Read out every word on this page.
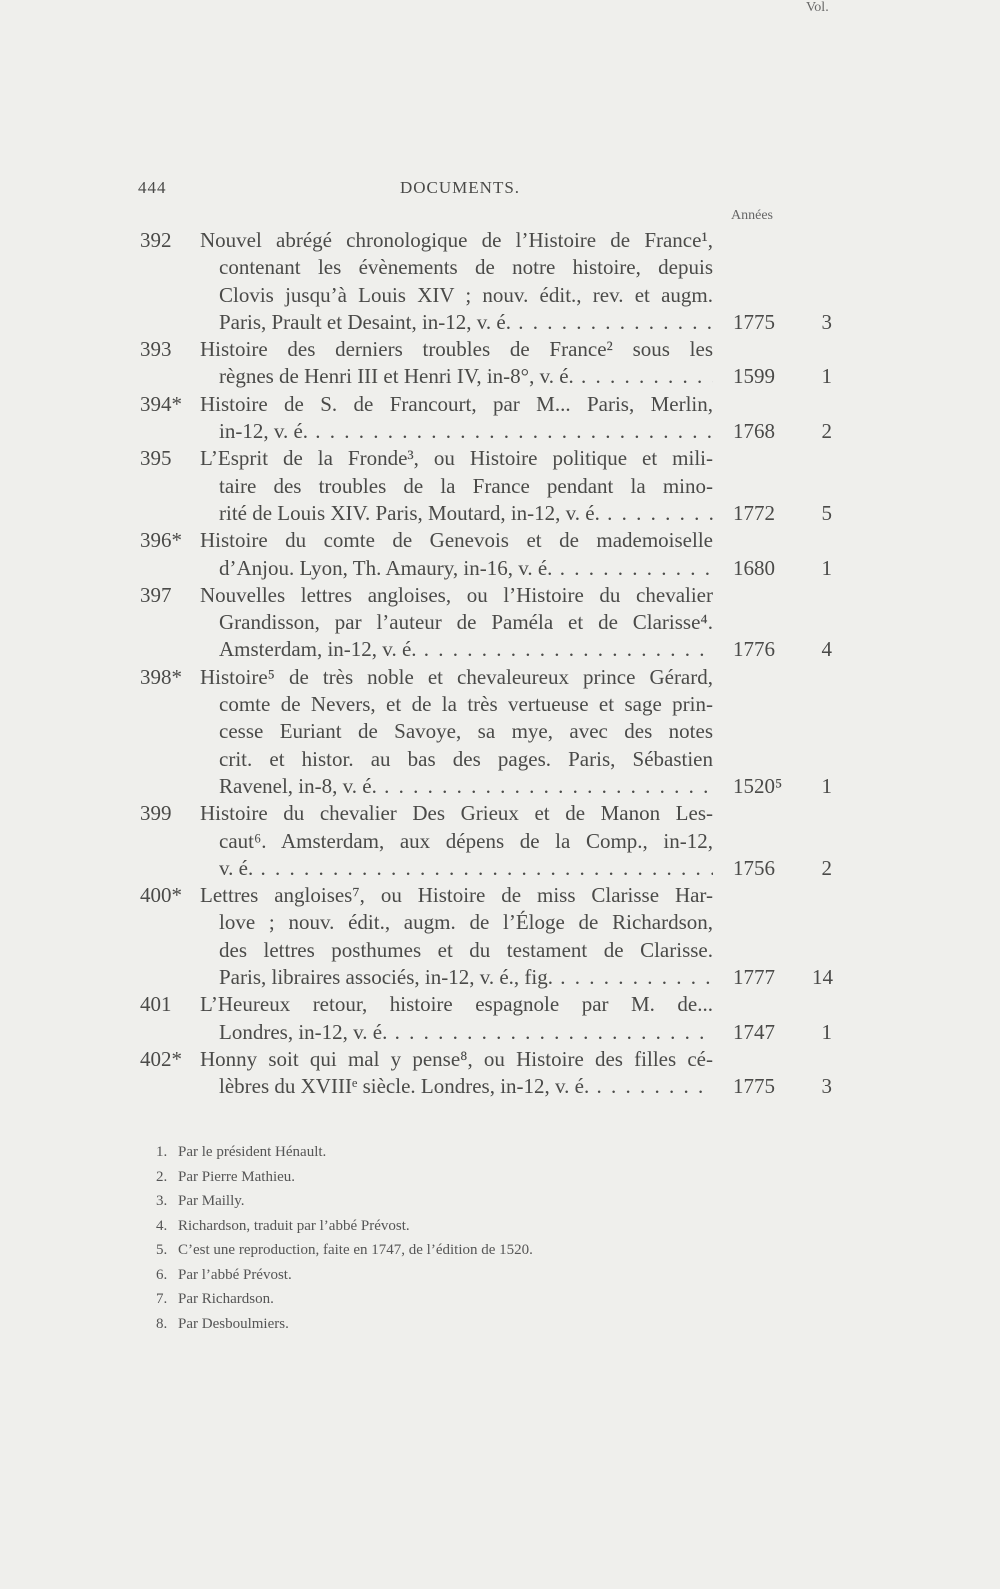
444	DOCUMENTS.
Années
Vol.
392 Nouvel abrégé chronologique de l’Histoire de France¹,
contenant les évènements de notre histoire, depuis
Clovis jusqu’à Louis XIV ; nouv. édit., rev. et augm.
Paris, Prault et Desaint, in-12, v. é. . . .	1775	3
393 Histoire des derniers troubles de France² sous les
règnes de Henri III et Henri IV, in-8°, v. é. . . .	1599	1
394* Histoire de S. de Francourt, par M... Paris, Merlin,
in-12, v. é. . . .	1768	2
395 L’Esprit de la Fronde³, ou Histoire politique et mili-
taire des troubles de la France pendant la mino-
rité de Louis XIV. Paris, Moutard, in-12, v. é. . . .	1772	5
396* Histoire du comte de Genevois et de mademoiselle
d’Anjou. Lyon, Th. Amaury, in-16, v. é. . . .	1680	1
397 Nouvelles lettres angloises, ou l’Histoire du chevalier
Grandisson, par l’auteur de Paméla et de Clarisse⁴.
Amsterdam, in-12, v. é. . . .	1776	4
398* Histoire⁵ de très noble et chevaleureux prince Gérard,
comte de Nevers, et de la très vertueuse et sage prin-
cesse Euriant de Savoye, sa mye, avec des notes
crit. et histor. au bas des pages. Paris, Sébastien
Ravenel, in-8, v. é. . . .	1520⁵	1
399 Histoire du chevalier Des Grieux et de Manon Les-
caut⁶. Amsterdam, aux dépens de la Comp., in-12,
v. é. . . .	1756	2
400* Lettres angloises⁷, ou Histoire de miss Clarisse Har-
love ; nouv. édit., augm. de l’Éloge de Richardson,
des lettres posthumes et du testament de Clarisse.
Paris, libraires associés, in-12, v. é., fig. . . .	1777 14
401 L’Heureux retour, histoire espagnole par M. de...
Londres, in-12, v. é. . . .	1747	1
402* Honny soit qui mal y pense⁸, ou Histoire des filles cé-
lèbres du XVIIIᵉ siècle. Londres, in-12, v. é. . . .	1775	3
1. Par le président Hénault.
2. Par Pierre Mathieu.
3. Par Mailly.
4. Richardson, traduit par l’abbé Prévost.
5. C’est une reproduction, faite en 1747, de l’édition de 1520.
6. Par l’abbé Prévost.
7. Par Richardson.
8. Par Desboulmiers.
